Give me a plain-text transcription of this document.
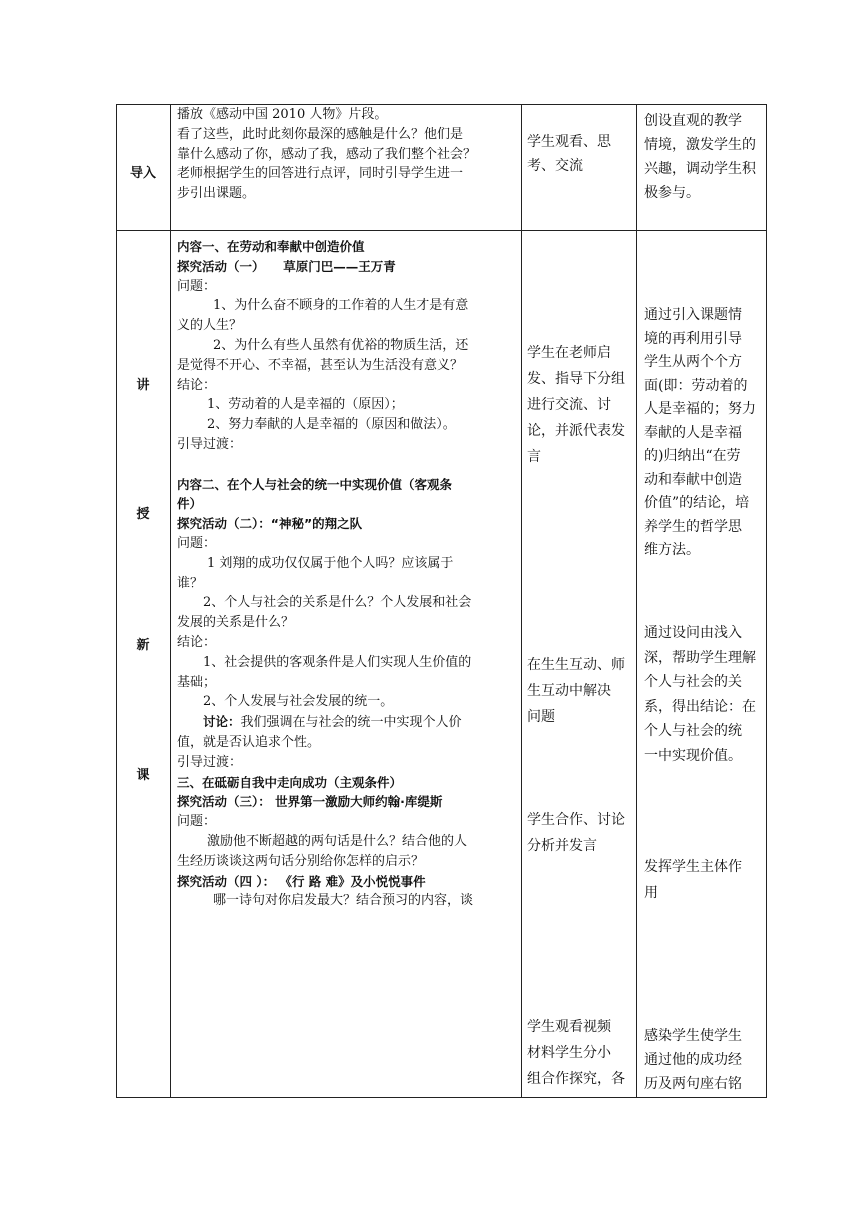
导入
播放《感动中国 2010 人物》片段。
看了这些，此时此刻你最深的感触是什么？他们是
靠什么感动了你，感动了我，感动了我们整个社会？
老师根据学生的回答进行点评，同时引导学生进一
步引出课题。
学生观看、思
考、交流
创设直观的教学
情境，激发学生的
兴趣，调动学生积
极参与。
讲
授
新
课
内容一、在劳动和奉献中创造价值
探究活动（一）　　草原门巴——王万青
问题：
1、为什么奋不顾身的工作着的人生才是有意
义的人生？
2、为什么有些人虽然有优裕的物质生活，还
是觉得不开心、不幸福，甚至认为生活没有意义？
结论：
1、劳动着的人是幸福的（原因）；
2、努力奉献的人是幸福的（原因和做法）。
引导过渡：

内容二、在个人与社会的统一中实现价值（客观条
件）
探究活动（二）：“神秘”的翔之队
问题：
1 刘翔的成功仅仅属于他个人吗？应该属于
谁？
2、个人与社会的关系是什么？个人发展和社会
发展的关系是什么？
结论：
1、社会提供的客观条件是人们实现人生价值的
基础；
2、个人发展与社会发展的统一。
讨论：我们强调在与社会的统一中实现个人价
值，就是否认追求个性。
引导过渡：
三、在砥砺自我中走向成功（主观条件）
探究活动（三）： 世界第一激励大师约翰·库缇斯
问题：
激励他不断超越的两句话是什么？结合他的人
生经历谈谈这两句话分别给你怎样的启示？
探究活动（四 ）： 《行 路 难》及小悦悦事件
哪一诗句对你启发最大？结合预习的内容，谈
学生在老师启
发、指导下分组
进行交流、讨
论，并派代表发
言
在生生互动、师
生互动中解决
问题
学生合作、讨论
分析并发言
学生观看视频
材料学生分小
组合作探究，各
通过引入课题情
境的再利用引导
学生从两个个方
面(即：劳动着的
人是幸福的；努力
奉献的人是幸福
的)归纳出“在劳
动和奉献中创造
价值”的结论，培
养学生的哲学思
维方法。
通过设问由浅入
深，帮助学生理解
个人与社会的关
系，得出结论：在
个人与社会的统
一中实现价值。
发挥学生主体作
用
感染学生使学生
通过他的成功经
历及两句座右铭
